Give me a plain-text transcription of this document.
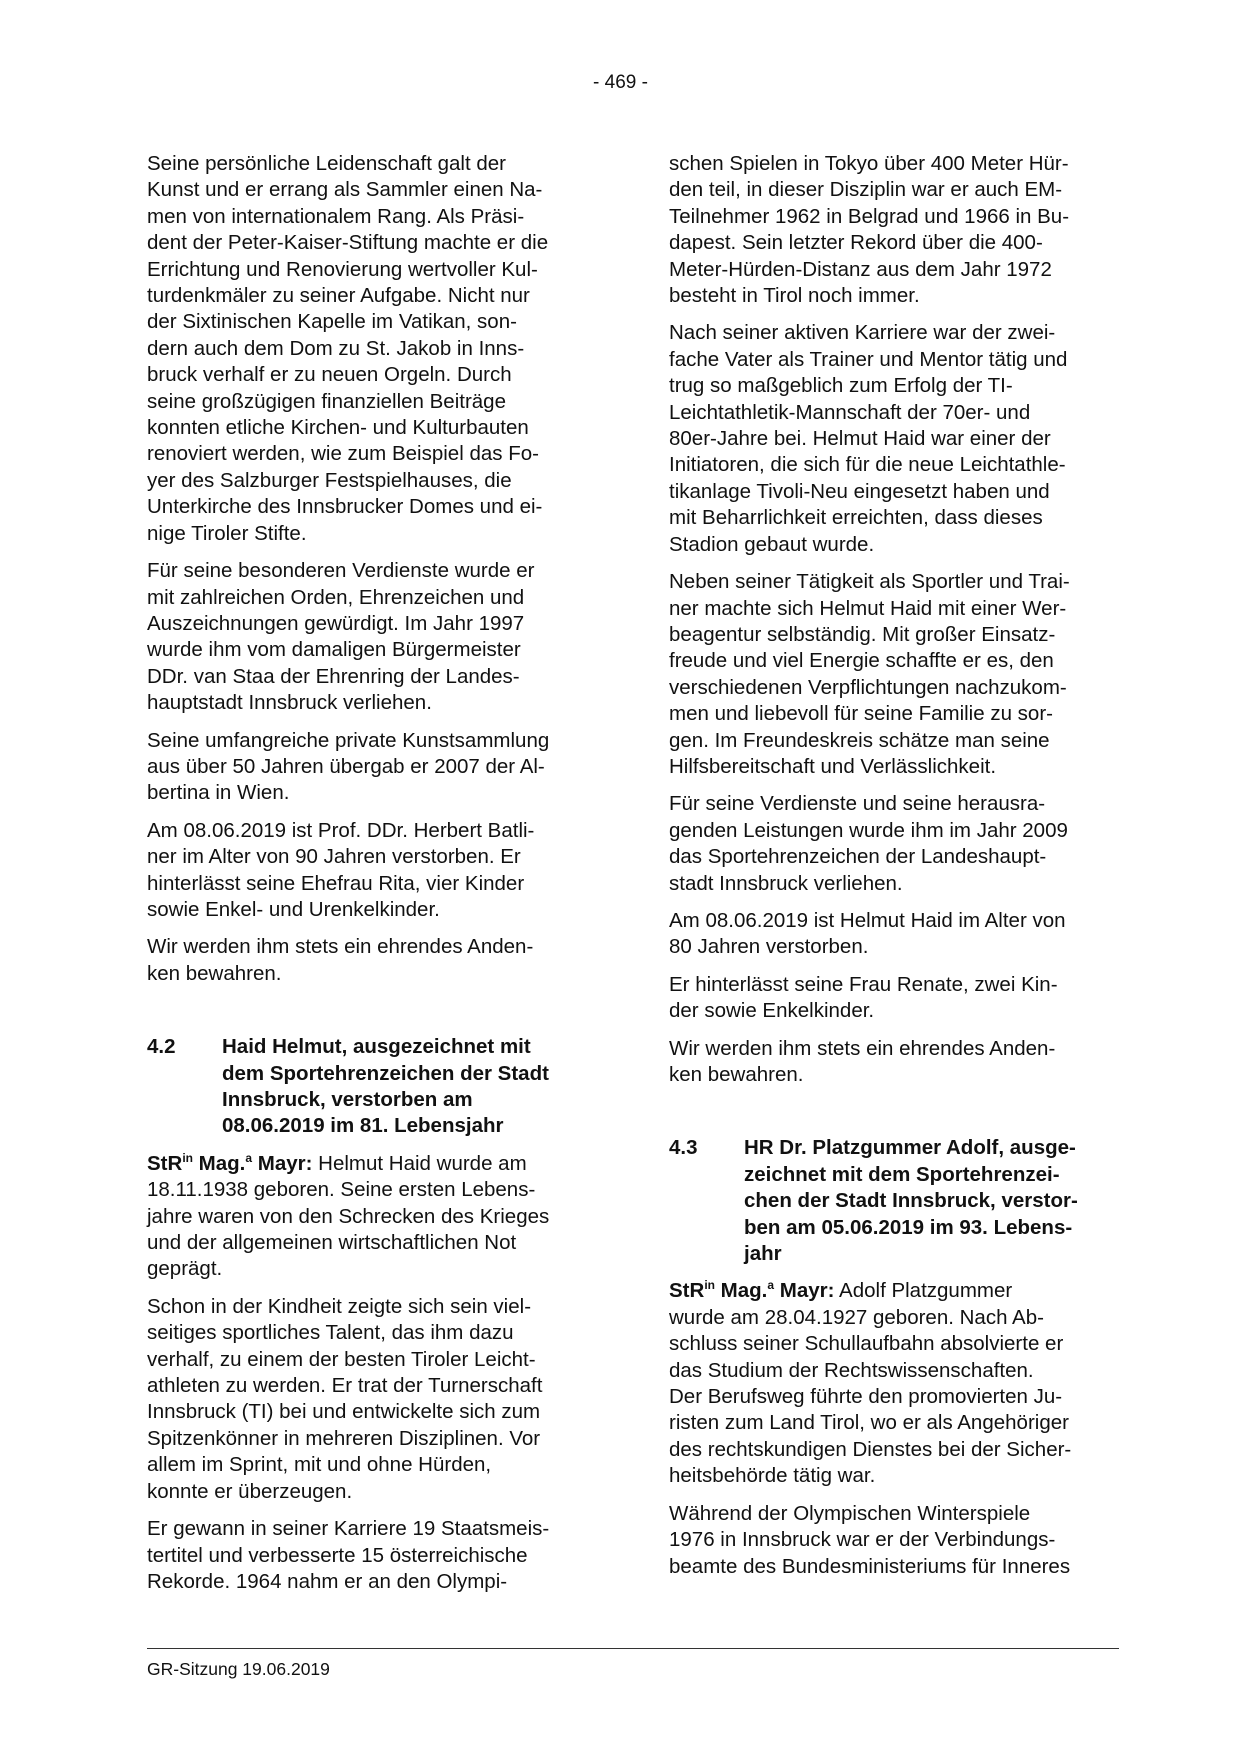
- 469 -

Seine persönliche Leidenschaft galt der
Kunst und er errang als Sammler einen Na-
men von internationalem Rang. Als Präsi-
dent der Peter-Kaiser-Stiftung machte er die
Errichtung und Renovierung wertvoller Kul-
turdenkmäler zu seiner Aufgabe. Nicht nur
der Sixtinischen Kapelle im Vatikan, son-
dern auch dem Dom zu St. Jakob in Inns-
bruck verhalf er zu neuen Orgeln. Durch
seine großzügigen finanziellen Beiträge
konnten etliche Kirchen- und Kulturbauten
renoviert werden, wie zum Beispiel das Fo-
yer des Salzburger Festspielhauses, die
Unterkirche des Innsbrucker Domes und ei-
nige Tiroler Stifte.

Für seine besonderen Verdienste wurde er
mit zahlreichen Orden, Ehrenzeichen und
Auszeichnungen gewürdigt. Im Jahr 1997
wurde ihm vom damaligen Bürgermeister
DDr. van Staa der Ehrenring der Landes-
hauptstadt Innsbruck verliehen.

Seine umfangreiche private Kunstsammlung
aus über 50 Jahren übergab er 2007 der Al-
bertina in Wien.

Am 08.06.2019 ist Prof. DDr. Herbert Batli-
ner im Alter von 90 Jahren verstorben. Er
hinterlässt seine Ehefrau Rita, vier Kinder
sowie Enkel- und Urenkelkinder.

Wir werden ihm stets ein ehrendes Anden-
ken bewahren.

4.2	Haid Helmut, ausgezeichnet mit
dem Sportehrenzeichen der Stadt
Innsbruck, verstorben am
08.06.2019 im 81. Lebensjahr

StR$^{in}$ Mag.$^a$ Mayr: Helmut Haid wurde am
18.11.1938 geboren. Seine ersten Lebens-
jahre waren von den Schrecken des Krieges
und der allgemeinen wirtschaftlichen Not
geprägt.

Schon in der Kindheit zeigte sich sein viel-
seitiges sportliches Talent, das ihm dazu
verhalf, zu einem der besten Tiroler Leicht-
athleten zu werden. Er trat der Turnerschaft
Innsbruck (TI) bei und entwickelte sich zum
Spitzenkönner in mehreren Disziplinen. Vor
allem im Sprint, mit und ohne Hürden,
konnte er überzeugen.

Er gewann in seiner Karriere 19 Staatsmeis-
tertitel und verbesserte 15 österreichische
Rekorde. 1964 nahm er an den Olympi-

schen Spielen in Tokyo über 400 Meter Hür-
den teil, in dieser Disziplin war er auch EM-
Teilnehmer 1962 in Belgrad und 1966 in Bu-
dapest. Sein letzter Rekord über die 400-
Meter-Hürden-Distanz aus dem Jahr 1972
besteht in Tirol noch immer.

Nach seiner aktiven Karriere war der zwei-
fache Vater als Trainer und Mentor tätig und
trug so maßgeblich zum Erfolg der TI-
Leichtathletik-Mannschaft der 70er- und
80er-Jahre bei. Helmut Haid war einer der
Initiatoren, die sich für die neue Leichtathle-
tikanlage Tivoli-Neu eingesetzt haben und
mit Beharrlichkeit erreichten, dass dieses
Stadion gebaut wurde.

Neben seiner Tätigkeit als Sportler und Trai-
ner machte sich Helmut Haid mit einer Wer-
beagentur selbständig. Mit großer Einsatz-
freude und viel Energie schaffte er es, den
verschiedenen Verpflichtungen nachzukom-
men und liebevoll für seine Familie zu sor-
gen. Im Freundeskreis schätze man seine
Hilfsbereitschaft und Verlässlichkeit.

Für seine Verdienste und seine herausra-
genden Leistungen wurde ihm im Jahr 2009
das Sportehrenzeichen der Landeshaupt-
stadt Innsbruck verliehen.

Am 08.06.2019 ist Helmut Haid im Alter von
80 Jahren verstorben.

Er hinterlässt seine Frau Renate, zwei Kin-
der sowie Enkelkinder.

Wir werden ihm stets ein ehrendes Anden-
ken bewahren.

4.3	HR Dr. Platzgummer Adolf, ausge-
zeichnet mit dem Sportehrenzei-
chen der Stadt Innsbruck, verstor-
ben am 05.06.2019 im 93. Lebens-
jahr

StR$^{in}$ Mag.$^a$ Mayr: Adolf Platzgummer
wurde am 28.04.1927 geboren. Nach Ab-
schluss seiner Schullaufbahn absolvierte er
das Studium der Rechtswissenschaften.
Der Berufsweg führte den promovierten Ju-
risten zum Land Tirol, wo er als Angehöriger
des rechtskundigen Dienstes bei der Sicher-
heitsbehörde tätig war.

Während der Olympischen Winterspiele
1976 in Innsbruck war er der Verbindungs-
beamte des Bundesministeriums für Inneres

GR-Sitzung 19.06.2019
